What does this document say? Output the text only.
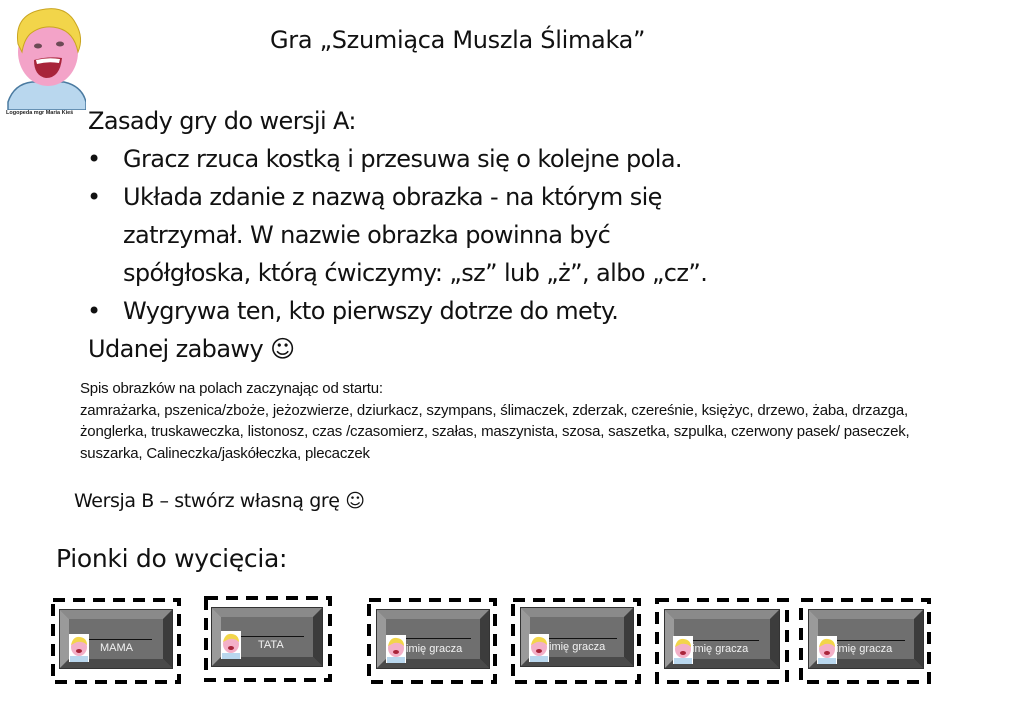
Logopeda mgr Maria Kieś
Gra „Szumiąca Muszla Ślimaka”

Zasady gry do wersji A:

• Gracz rzuca kostką i przesuwa się o kolejne pola.
• Układa zdanie z nazwą obrazka - na którym się zatrzymał. W nazwie obrazka powinna być spółgłoska, którą ćwiczymy: „sz” lub „ż”, albo „cz”.
• Wygrywa ten, kto pierwszy dotrze do mety.

Udanej zabawy ☺

Spis obrazków na polach zaczynając od startu:
zamrażarka, pszenica/zboże, jeżozwierze, dziurkacz, szympans, ślimaczek, zderzak, czereśnie, księżyc, drzewo, żaba, drzazga, żonglerka, truskaweczka, listonosz, czas /czasomierz, szałas, maszynista, szosa, saszetka, szpulka, czerwony pasek/ paseczek, suszarka, Calineczka/jaskółeczka, plecaczek
Wersja B – stwórz własną grę ☺
Pionki do wycięcia:
MAMA	TATA	imię gracza	imię gracza	imię gracza	imię gracza
